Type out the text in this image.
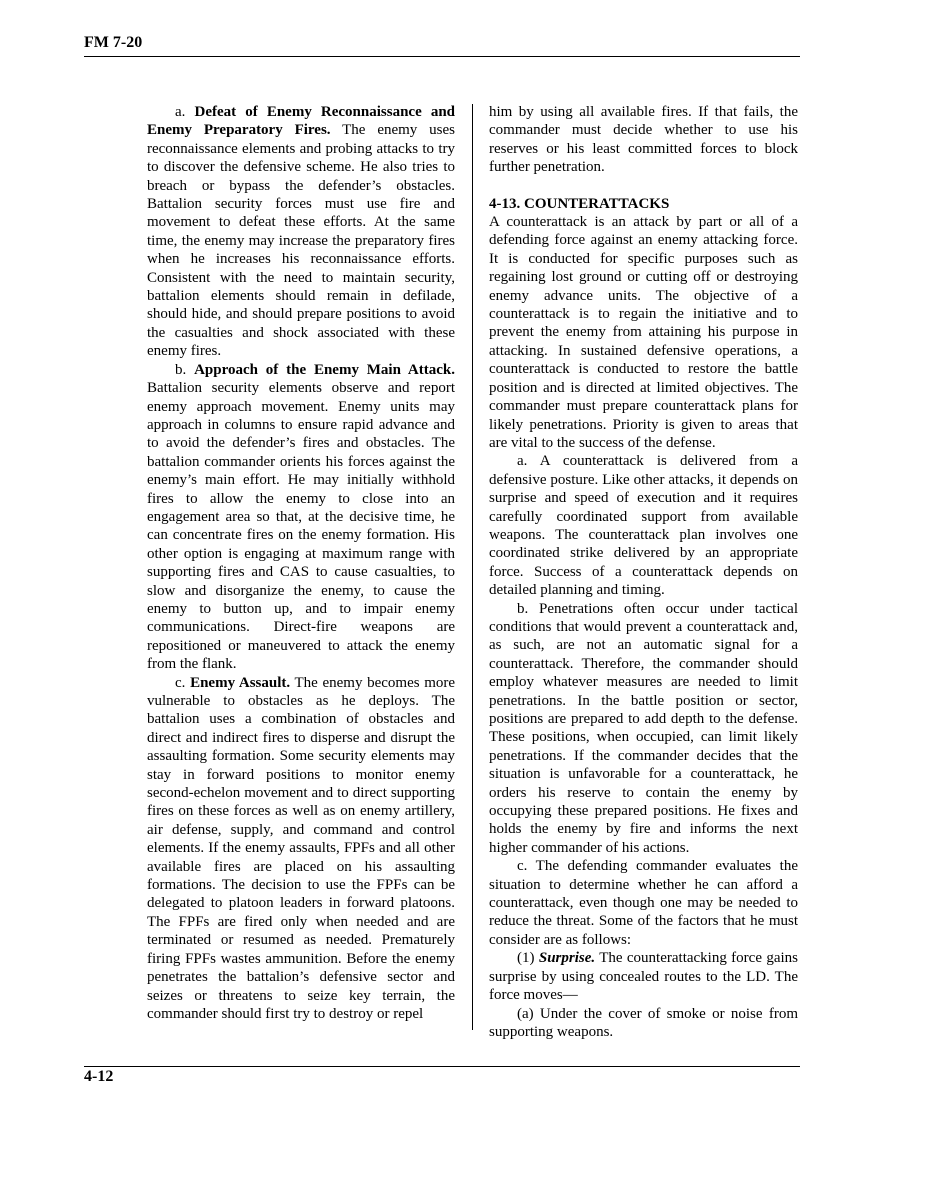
FM 7-20

a. Defeat of Enemy Reconnaissance and Enemy Preparatory Fires. The enemy uses reconnaissance elements and probing attacks to try to discover the defensive scheme. He also tries to breach or bypass the defender’s obstacles. Battalion security forces must use fire and movement to defeat these efforts. At the same time, the enemy may increase the preparatory fires when he increases his reconnaissance efforts. Consistent with the need to maintain security, battalion elements should remain in defilade, should hide, and should prepare positions to avoid the casualties and shock associated with these enemy fires.

b. Approach of the Enemy Main Attack. Battalion security elements observe and report enemy approach movement. Enemy units may approach in columns to ensure rapid advance and to avoid the defender’s fires and obstacles. The battalion commander orients his forces against the enemy’s main effort. He may initially withhold fires to allow the enemy to close into an engagement area so that, at the decisive time, he can concentrate fires on the enemy formation. His other option is engaging at maximum range with supporting fires and CAS to cause casualties, to slow and disorganize the enemy, to cause the enemy to button up, and to impair enemy communications. Direct-fire weapons are repositioned or maneuvered to attack the enemy from the flank.

c. Enemy Assault. The enemy becomes more vulnerable to obstacles as he deploys. The battalion uses a combination of obstacles and direct and indirect fires to disperse and disrupt the assaulting formation. Some security elements may stay in forward positions to monitor enemy second-echelon movement and to direct supporting fires on these forces as well as on enemy artillery, air defense, supply, and command and control elements. If the enemy assaults, FPFs and all other available fires are placed on his assaulting formations. The decision to use the FPFs can be delegated to platoon leaders in forward platoons. The FPFs are fired only when needed and are terminated or resumed as needed. Prematurely firing FPFs wastes ammunition. Before the enemy penetrates the battalion’s defensive sector and seizes or threatens to seize key terrain, the commander should first try to destroy or repel

him by using all available fires. If that fails, the commander must decide whether to use his reserves or his least committed forces to block further penetration.

4-13. COUNTERATTACKS

A counterattack is an attack by part or all of a defending force against an enemy attacking force. It is conducted for specific purposes such as regaining lost ground or cutting off or destroying enemy advance units. The objective of a counterattack is to regain the initiative and to prevent the enemy from attaining his purpose in attacking. In sustained defensive operations, a counterattack is conducted to restore the battle position and is directed at limited objectives. The commander must prepare counterattack plans for likely penetrations. Priority is given to areas that are vital to the success of the defense.

a. A counterattack is delivered from a defensive posture. Like other attacks, it depends on surprise and speed of execution and it requires carefully coordinated support from available weapons. The counterattack plan involves one coordinated strike delivered by an appropriate force. Success of a counterattack depends on detailed planning and timing.

b. Penetrations often occur under tactical conditions that would prevent a counterattack and, as such, are not an automatic signal for a counterattack. Therefore, the commander should employ whatever measures are needed to limit penetrations. In the battle position or sector, positions are prepared to add depth to the defense. These positions, when occupied, can limit likely penetrations. If the commander decides that the situation is unfavorable for a counterattack, he orders his reserve to contain the enemy by occupying these prepared positions. He fixes and holds the enemy by fire and informs the next higher commander of his actions.

c. The defending commander evaluates the situation to determine whether he can afford a counterattack, even though one may be needed to reduce the threat. Some of the factors that he must consider are as follows:

(1) Surprise. The counterattacking force gains surprise by using concealed routes to the LD. The force moves—

(a) Under the cover of smoke or noise from supporting weapons.

4-12
